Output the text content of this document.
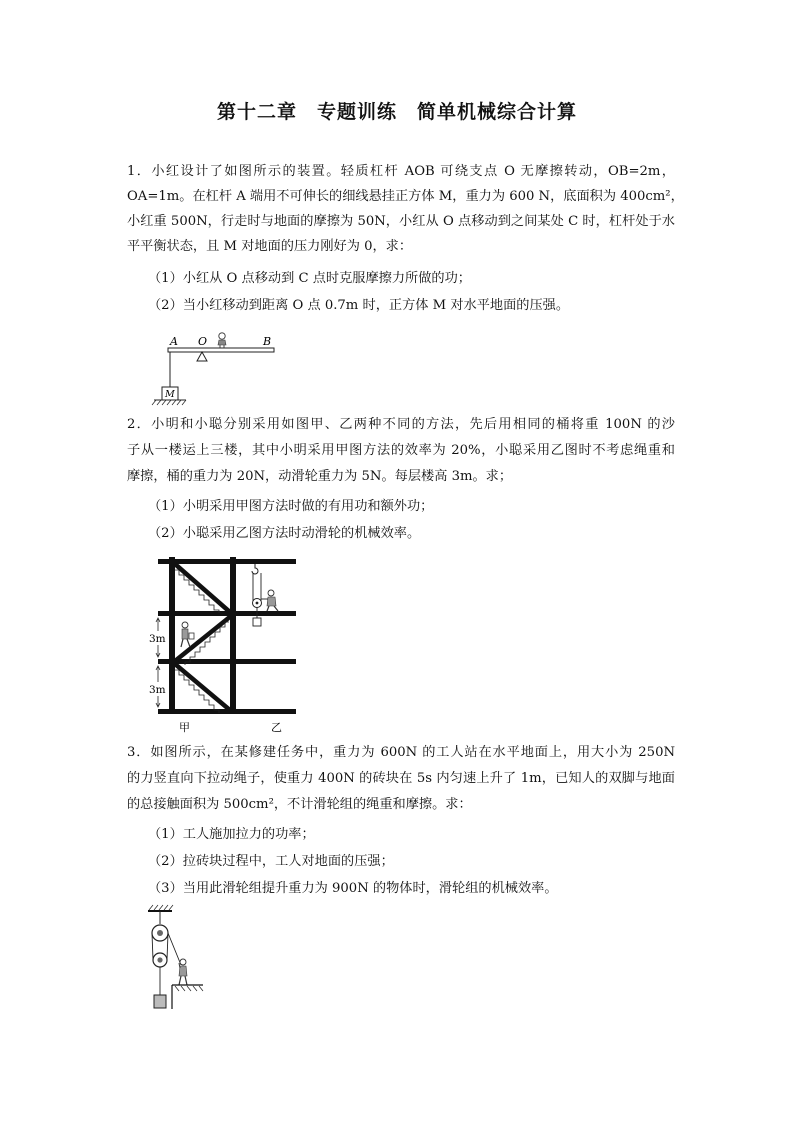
第十二章　专题训练　简单机械综合计算
1．小红设计了如图所示的装置。轻质杠杆 AOB 可绕支点 O 无摩擦转动，OB=2m，
OA=1m。在杠杆 A 端用不可伸长的细线悬挂正方体 M，重力为 600 N，底面积为 400cm²，
小红重 500N，行走时与地面的摩擦为 50N，小红从 O 点移动到之间某处 C 时，杠杆处于水
平平衡状态，且 M 对地面的压力刚好为 0，求：
（1）小红从 O 点移动到 C 点时克服摩擦力所做的功；
（2）当小红移动到距离 O 点 0.7m 时，正方体 M 对水平地面的压强。
A O	B
M
2．小明和小聪分别采用如图甲、乙两种不同的方法，先后用相同的桶将重 100N 的沙
子从一楼运上三楼，其中小明采用甲图方法的效率为 20%，小聪采用乙图时不考虑绳重和
摩擦，桶的重力为 20N，动滑轮重力为 5N。每层楼高 3m。求；
（1）小明采用甲图方法时做的有用功和额外功；
（2）小聪采用乙图方法时动滑轮的机械效率。
3m
3m
甲	乙
3．如图所示，在某修建任务中，重力为 600N 的工人站在水平地面上，用大小为 250N
的力竖直向下拉动绳子，使重力 400N 的砖块在 5s 内匀速上升了 1m，已知人的双脚与地面
的总接触面积为 500cm²，不计滑轮组的绳重和摩擦。求：
（1）工人施加拉力的功率；
（2）拉砖块过程中，工人对地面的压强；
（3）当用此滑轮组提升重力为 900N 的物体时，滑轮组的机械效率。
